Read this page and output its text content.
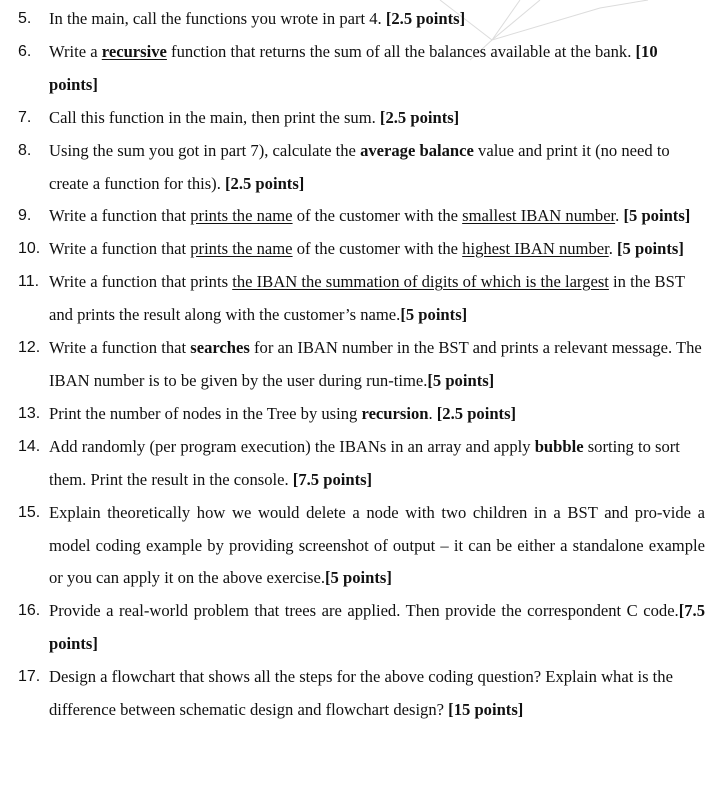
5. In the main, call the functions you wrote in part 4. [2.5 points]
6. Write a recursive function that returns the sum of all the balances available at the bank. [10 points]
7. Call this function in the main, then print the sum. [2.5 points]
8. Using the sum you got in part 7), calculate the average balance value and print it (no need to create a function for this). [2.5 points]
9. Write a function that prints the name of the customer with the smallest IBAN number. [5 points]
10. Write a function that prints the name of the customer with the highest IBAN number. [5 points]
11. Write a function that prints the IBAN the summation of digits of which is the largest in the BST and prints the result along with the customer’s name.[5 points]
12. Write a function that searches for an IBAN number in the BST and prints a relevant message. The IBAN number is to be given by the user during run-time.[5 points]
13. Print the number of nodes in the Tree by using recursion. [2.5 points]
14. Add randomly (per program execution) the IBANs in an array and apply bubble sorting to sort them. Print the result in the console. [7.5 points]
15. Explain theoretically how we would delete a node with two children in a BST and pro-vide a model coding example by providing screenshot of output – it can be either a standalone example or you can apply it on the above exercise.[5 points]
16. Provide a real-world problem that trees are applied. Then provide the correspondent C code.[7.5 points]
17. Design a flowchart that shows all the steps for the above coding question? Explain what is the difference between schematic design and flowchart design? [15 points]
